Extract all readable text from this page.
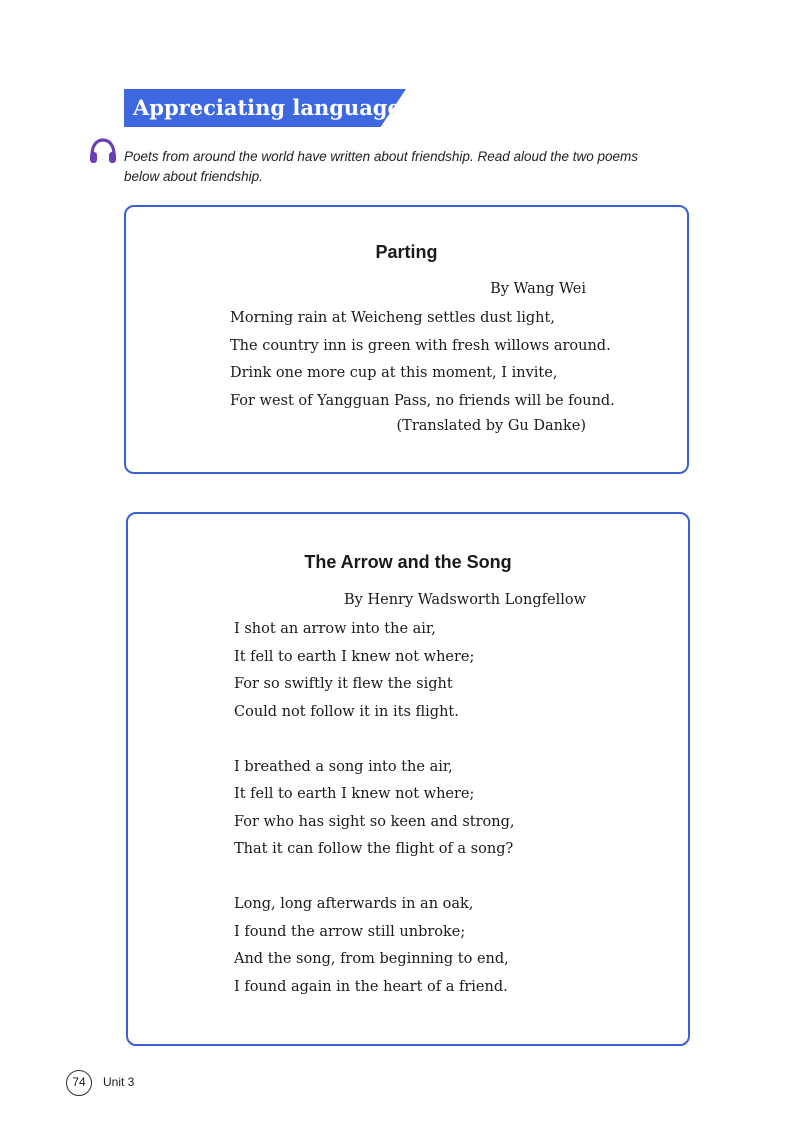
Appreciating language
Poets from around the world have written about friendship. Read aloud the two poems
below about friendship.
Parting
By Wang Wei
Morning rain at Weicheng settles dust light,
The country inn is green with fresh willows around.
Drink one more cup at this moment, I invite,
For west of Yangguan Pass, no friends will be found.
(Translated by Gu Danke)
The Arrow and the Song
By Henry Wadsworth Longfellow
I shot an arrow into the air,
It fell to earth I knew not where;
For so swiftly it flew the sight
Could not follow it in its flight.
I breathed a song into the air,
It fell to earth I knew not where;
For who has sight so keen and strong,
That it can follow the flight of a song?
Long, long afterwards in an oak,
I found the arrow still unbroke;
And the song, from beginning to end,
I found again in the heart of a friend.
74	Unit 3
